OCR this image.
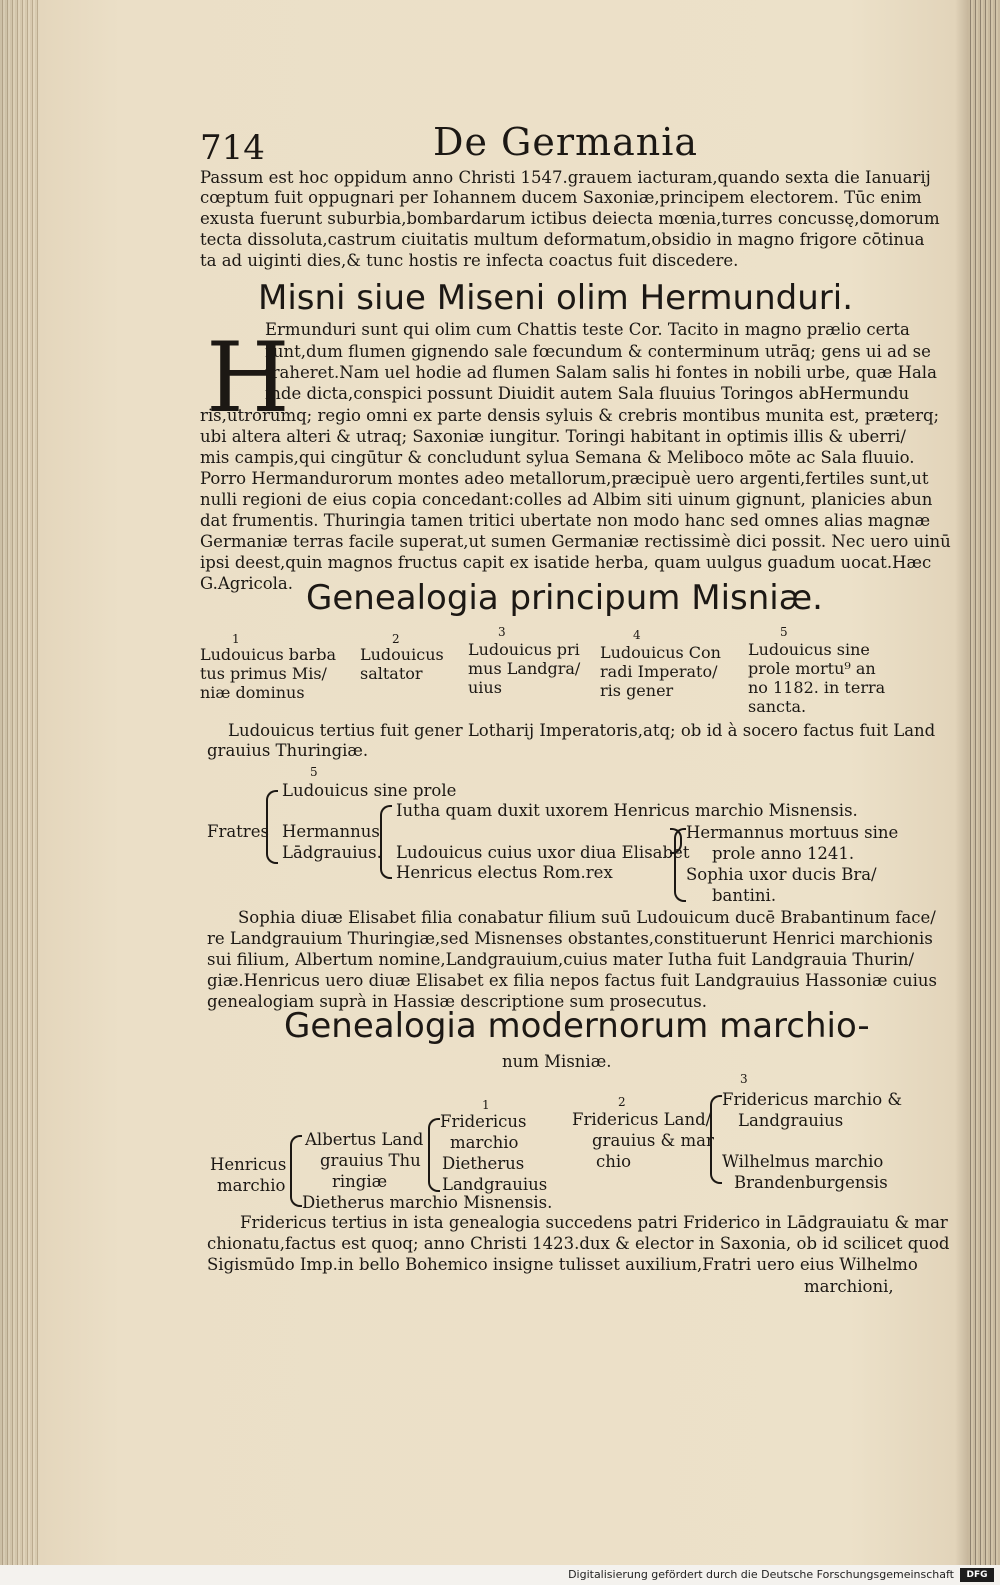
714	De Germania
Passum est hoc oppidum anno Christi 1547.grauem iacturam,quando sexta die Ianuarij
cœptum fuit oppugnari per Iohannem ducem Saxoniæ,principem electorem. Tūc enim
exusta fuerunt suburbia,bombardarum ictibus deiecta mœnia,turres concussę,domorum
tecta dissoluta,castrum ciuitatis multum deformatum,obsidio in magno frigore cōtinua
ta ad uiginti dies,& tunc hostis re infecta coactus fuit discedere.
Misni siue Miseni olim Hermunduri.
H
Ermunduri sunt qui olim cum Chattis teste Cor. Tacito in magno prælio certa
runt,dum flumen gignendo sale fœcundum & conterminum utrāq; gens ui ad se
traheret.Nam uel hodie ad flumen Salam salis hi fontes in nobili urbe, quæ Hala
inde dicta,conspici possunt Diuidit autem Sala fluuius Toringos abHermundu
ris,utrorumq; regio omni ex parte densis syluis & crebris montibus munita est, præterq;
ubi altera alteri & utraq; Saxoniæ iungitur. Toringi habitant in optimis illis & uberri/
mis campis,qui cingūtur & concludunt sylua Semana & Meliboco mōte ac Sala fluuio.
Porro Hermandurorum montes adeo metallorum,præcipuè uero argenti,fertiles sunt,ut
nulli regioni de eius copia concedant:colles ad Albim siti uinum gignunt, planicies abun
dat frumentis. Thuringia tamen tritici ubertate non modo hanc sed omnes alias magnæ
Germaniæ terras facile superat,ut sumen Germaniæ rectissimè dici possit. Nec uero uinū
ipsi deest,quin magnos fructus capit ex isatide herba, quam uulgus guadum uocat.Hæc
G.Agricola. Genealogia principum Misniæ.
1
Ludouicus barba tus primus Mis/ niæ dominus
2
Ludouicus saltator
3
Ludouicus pri mus Landgra/ uius
4
Ludouicus Con radi Imperato/ ris gener
5
Ludouicus sine prole mortu⁹ an no 1182. in terra sancta.
Ludouicus tertius fuit gener Lotharij Imperatoris,atq; ob id à socero factus fuit Land
grauius Thuringiæ.
5
Fratres
Ludouicus sine prole
Hermannus
Lādgrauius.
Iutha quam duxit uxorem Henricus marchio Misnensis.
Ludouicus cuius uxor diua Elisabet
Henricus electus Rom.rex
Hermannus mortuus sine
prole anno 1241.
Sophia uxor ducis Bra/
bantini.
Sophia diuæ Elisabet filia conabatur filium suū Ludouicum ducē Brabantinum face/
re Landgrauium Thuringiæ,sed Misnenses obstantes,constituerunt Henrici marchionis
sui filium, Albertum nomine,Landgrauium,cuius mater Iutha fuit Landgrauia Thurin/
giæ.Henricus uero diuæ Elisabet ex filia nepos factus fuit Landgrauius Hassoniæ cuius
genealogiam suprà in Hassiæ descriptione sum prosecutus.
Genealogia modernorum marchio-
num Misniæ.
Henricus
marchio
Albertus Land
grauius Thu
ringiæ
Dietherus marchio Misnensis.
1
Fridericus
marchio
Dietherus
Landgrauius
2
Fridericus Land/
grauius & mar
chio
3
Fridericus marchio &
Landgrauius
Wilhelmus marchio
Brandenburgensis
Fridericus tertius in ista genealogia succedens patri Friderico in Lādgrauiatu & mar
chionatu,factus est quoq; anno Christi 1423.dux & elector in Saxonia, ob id scilicet quod
Sigismūdo Imp.in bello Bohemico insigne tulisset auxilium,Fratri uero eius Wilhelmo
marchioni,
Digitalisierung gefördert durch die Deutsche Forschungsgemeinschaft	DFG
